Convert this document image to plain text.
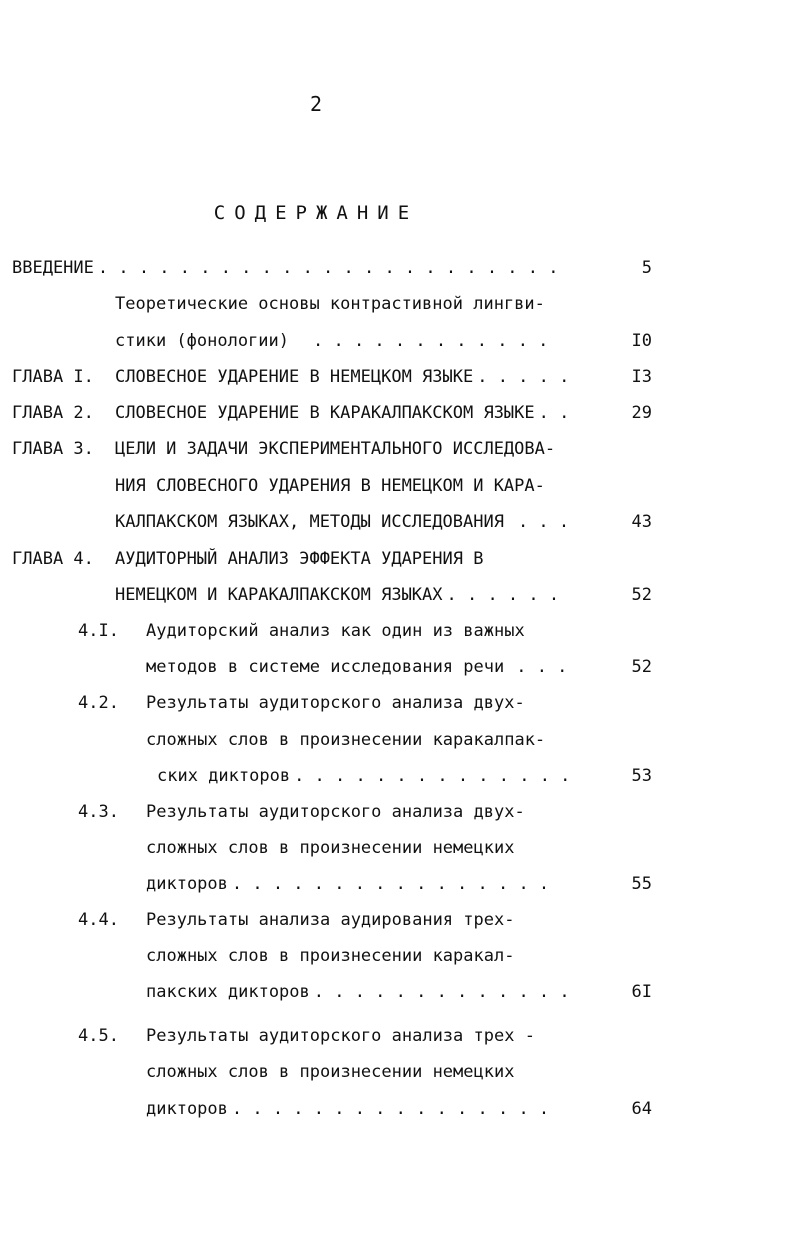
2
СОДЕРЖАНИЕ
ВВЕДЕНИЕ . . . . . . . . . . . . . . . . . . . . . . .	5
Теоретические основы контрастивной лингви-
стики (фонологии) . . . . . . . . . . . .	I0
ГЛАВА I.	СЛОВЕСНОЕ УДАРЕНИЕ В НЕМЕЦКОМ ЯЗЫКЕ . . . . .	I3
ГЛАВА 2.	СЛОВЕСНОЕ УДАРЕНИЕ В КАРАКАЛПАКСКОМ ЯЗЫКЕ . .	29
ГЛАВА 3.	ЦЕЛИ И ЗАДАЧИ ЭКСПЕРИМЕНТАЛЬНОГО ИССЛЕДОВА-
НИЯ СЛОВЕСНОГО УДАРЕНИЯ В НЕМЕЦКОМ И КАРА-
КАЛПАКСКОМ ЯЗЫКАХ, МЕТОДЫ ИССЛЕДОВАНИЯ . . .	43
ГЛАВА 4.	АУДИТОРНЫЙ АНАЛИЗ ЭФФЕКТА УДАРЕНИЯ В
НЕМЕЦКОМ И КАРАКАЛПАКСКОМ ЯЗЫКАХ . . . . . .	52
4.I.	Аудиторский анализ как один из важных
методов в системе исследования речи . . .	52
4.2.	Результаты аудиторского анализа двух-
сложных слов в произнесении каракалпак-
ских дикторов . . . . . . . . . . . . . .	53
4.3.	Результаты аудиторского анализа двух-
сложных слов в произнесении немецких
дикторов . . . . . . . . . . . . . . . .	55
4.4.	Результаты анализа аудирования трех-
сложных слов в произнесении каракал-
пакских дикторов . . . . . . . . . . . . .	6I
4.5.	Результаты аудиторского анализа трех -
сложных слов в произнесении немецких
дикторов . . . . . . . . . . . . . . . .	64
